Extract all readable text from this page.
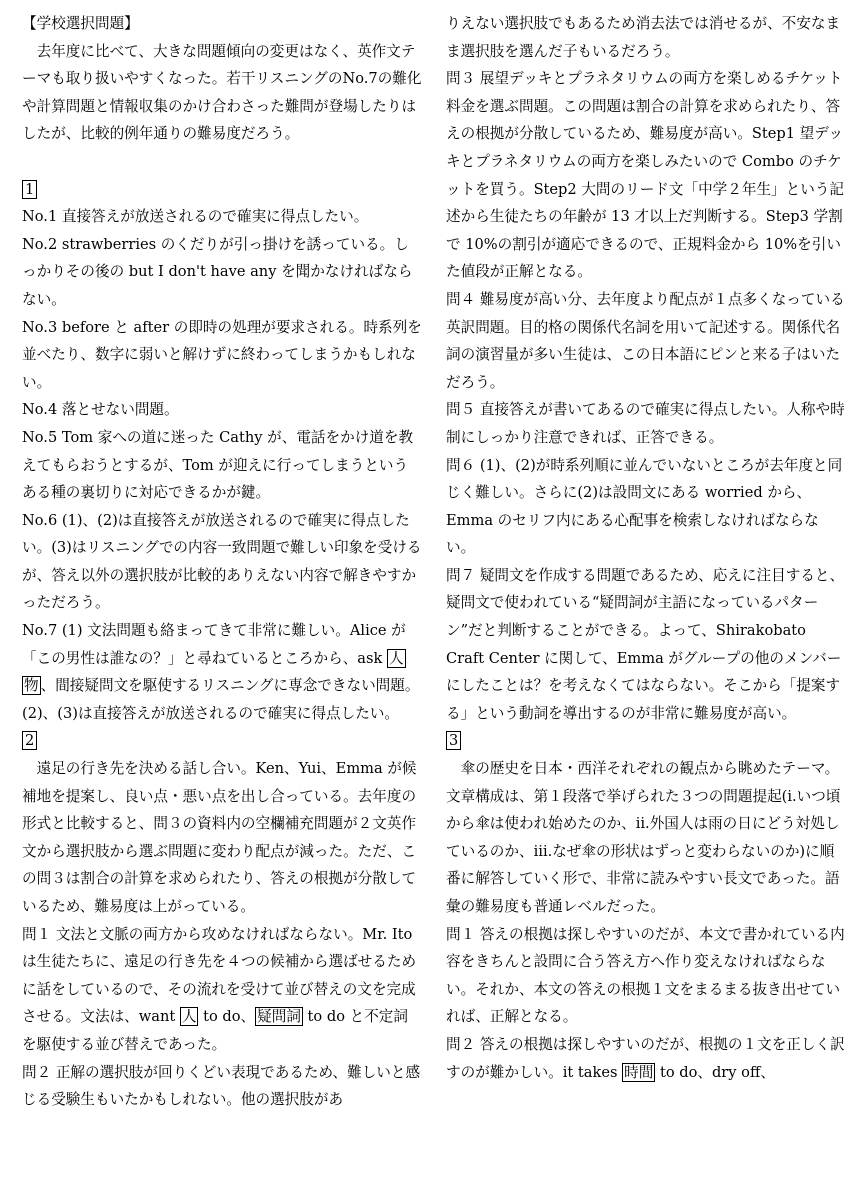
【学校選択問題】

去年度に比べて、大きな問題傾向の変更はなく、英作文テーマも取り扱いやすくなった。若干リスニングのNo.7の難化や計算問題と情報収集のかけ合わさった難問が登場したりはしたが、比較的例年通りの難易度だろう。

1

No.1 直接答えが放送されるので確実に得点したい。

No.2 strawberries のくだりが引っ掛けを誘っている。しっかりその後の but I don't have any を聞かなければならない。

No.3 before と after の即時の処理が要求される。時系列を並べたり、数字に弱いと解けずに終わってしまうかもしれない。

No.4 落とせない問題。

No.5 Tom 家への道に迷った Cathy が、電話をかけ道を教えてもらおうとするが、Tom が迎えに行ってしまうというある種の裏切りに対応できるかが鍵。

No.6 (1)、(2)は直接答えが放送されるので確実に得点したい。(3)はリスニングでの内容一致問題で難しい印象を受けるが、答え以外の選択肢が比較的ありえない内容で解きやすかっただろう。

No.7 (1) 文法問題も絡まってきて非常に難しい。Alice が「この男性は誰なの？」と尋ねているところから、ask 人 物 、間接疑問文を駆使するリスニングに専念できない問題。(2)、(3)は直接答えが放送されるので確実に得点したい。

2

遠足の行き先を決める話し合い。Ken、Yui、Emma が候補地を提案し、良い点・悪い点を出し合っている。去年度の形式と比較すると、問３の資料内の空欄補充問題が２文英作文から選択肢から選ぶ問題に変わり配点が減った。ただ、この問３は割合の計算を求められたり、答えの根拠が分散しているため、難易度は上がっている。

問１ 文法と文脈の両方から攻めなければならない。Mr. Ito は生徒たちに、遠足の行き先を４つの候補から選ばせるために話をしているので、その流れを受けて並び替えの文を完成させる。文法は、want 人 to do、 疑問詞 to do と不定詞を駆使する並び替えであった。

問２ 正解の選択肢が回りくどい表現であるため、難しいと感じる受験生もいたかもしれない。他の選択肢があ

りえない選択肢でもあるため消去法では消せるが、不安なまま選択肢を選んだ子もいるだろう。

問３ 展望デッキとプラネタリウムの両方を楽しめるチケット料金を選ぶ問題。この問題は割合の計算を求められたり、答えの根拠が分散しているため、難易度が高い。Step1 望デッキとプラネタリウムの両方を楽しみたいので Combo のチケットを買う。Step2 大問のリード文「中学２年生」という記述から生徒たちの年齢が 13 才以上だ判断する。Step3 学割で 10%の割引が適応できるので、正規料金から 10%を引いた値段が正解となる。

問４ 難易度が高い分、去年度より配点が１点多くなっている英訳問題。目的格の関係代名詞を用いて記述する。関係代名詞の演習量が多い生徒は、この日本語にピンと来る子はいただろう。

問５ 直接答えが書いてあるので確実に得点したい。人称や時制にしっかり注意できれば、正答できる。

問６ (1)、(2)が時系列順に並んでいないところが去年度と同じく難しい。さらに(2)は設問文にある worried から、Emma のセリフ内にある心配事を検索しなければならない。

問７ 疑問文を作成する問題であるため、応えに注目すると、疑問文で使われている“疑問詞が主語になっているパターン”だと判断することができる。よって、Shirakobato Craft Center に関して、Emma がグループの他のメンバーにしたことは？を考えなくてはならない。そこから「提案する」という動詞を導出するのが非常に難易度が高い。

3

傘の歴史を日本・西洋それぞれの観点から眺めたテーマ。文章構成は、第１段落で挙げられた３つの問題提起(ⅰ.いつ頃から傘は使われ始めたのか、ⅱ.外国人は雨の日にどう対処しているのか、ⅲ.なぜ傘の形状はずっと変わらないのか)に順番に解答していく形で、非常に読みやすい長文であった。語彙の難易度も普通レベルだった。

問１ 答えの根拠は探しやすいのだが、本文で書かれている内容をきちんと設問に合う答え方へ作り変えなければならない。それか、本文の答えの根拠１文をまるまる抜き出せていれば、正解となる。

問２ 答えの根拠は探しやすいのだが、根拠の１文を正しく訳すのが難かしい。it takes 時間 to do、dry off、
